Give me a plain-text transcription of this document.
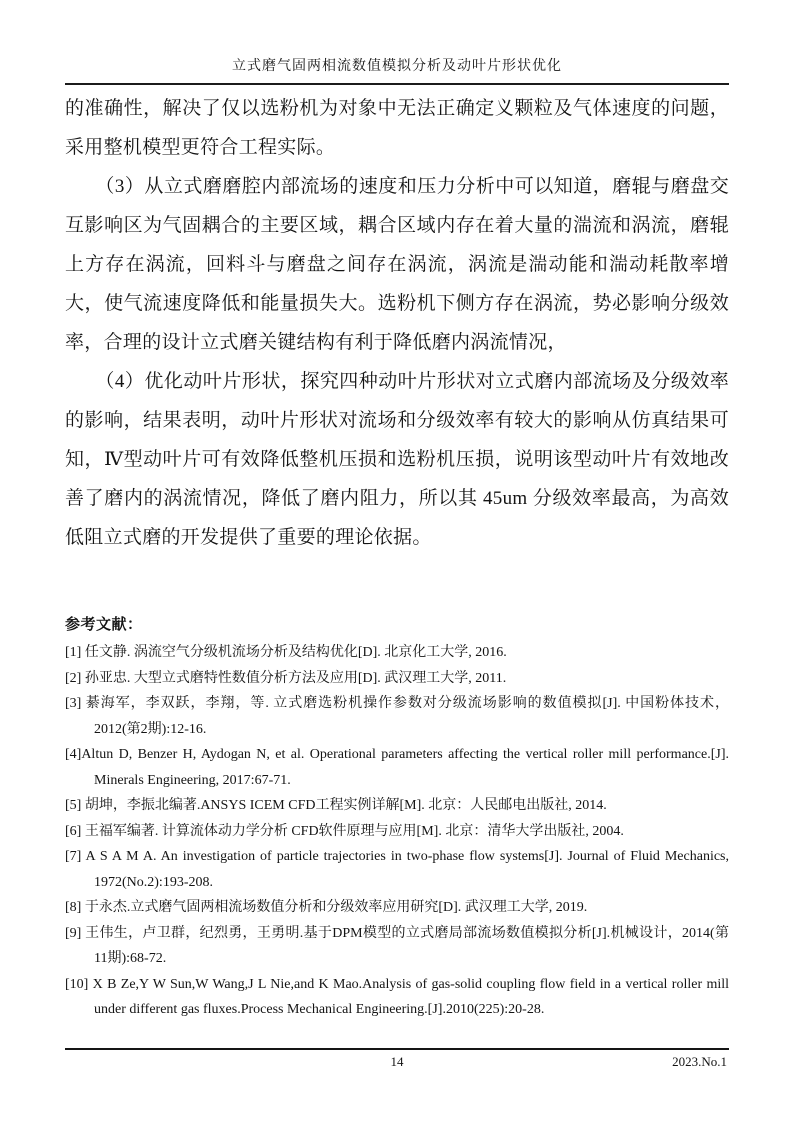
立式磨气固两相流数值模拟分析及动叶片形状优化

的准确性，解决了仅以选粉机为对象中无法正确定义颗粒及气体速度的问题，采用整机模型更符合工程实际。

（3）从立式磨磨腔内部流场的速度和压力分析中可以知道，磨辊与磨盘交互影响区为气固耦合的主要区域，耦合区域内存在着大量的湍流和涡流，磨辊上方存在涡流，回料斗与磨盘之间存在涡流，涡流是湍动能和湍动耗散率增大，使气流速度降低和能量损失大。选粉机下侧方存在涡流，势必影响分级效率，合理的设计立式磨关键结构有利于降低磨内涡流情况，

（4）优化动叶片形状，探究四种动叶片形状对立式磨内部流场及分级效率的影响，结果表明，动叶片形状对流场和分级效率有较大的影响从仿真结果可知，Ⅳ型动叶片可有效降低整机压损和选粉机压损，说明该型动叶片有效地改善了磨内的涡流情况，降低了磨内阻力，所以其 45um 分级效率最高，为高效低阻立式磨的开发提供了重要的理论依据。

参考文献：
[1] 任文静. 涡流空气分级机流场分析及结构优化[D]. 北京化工大学, 2016.
[2] 孙亚忠. 大型立式磨特性数值分析方法及应用[D]. 武汉理工大学, 2011.
[3] 綦海军，李双跃，李翔，等. 立式磨选粉机操作参数对分级流场影响的数值模拟[J]. 中国粉体技术，2012(第2期):12-16.
[4]Altun D, Benzer H, Aydogan N, et al. Operational parameters affecting the vertical roller mill performance.[J]. Minerals Engineering, 2017:67-71.
[5] 胡坤，李振北编著.ANSYS ICEM CFD工程实例详解[M]. 北京：人民邮电出版社, 2014.
[6] 王福军编著. 计算流体动力学分析 CFD软件原理与应用[M]. 北京：清华大学出版社, 2004.
[7] A S A M A. An investigation of particle trajectories in two-phase flow systems[J]. Journal of Fluid Mechanics, 1972(No.2):193-208.
[8] 于永杰.立式磨气固两相流场数值分析和分级效率应用研究[D]. 武汉理工大学, 2019.
[9] 王伟生，卢卫群，纪烈勇，王勇明.基于DPM模型的立式磨局部流场数值模拟分析[J].机械设计，2014(第11期):68-72.
[10] X B Ze,Y W Sun,W Wang,J L Nie,and K Mao.Analysis of gas-solid coupling flow field in a vertical roller mill under different gas fluxes.Process Mechanical Engineering.[J].2010(225):20-28.
14	2023.No.1
